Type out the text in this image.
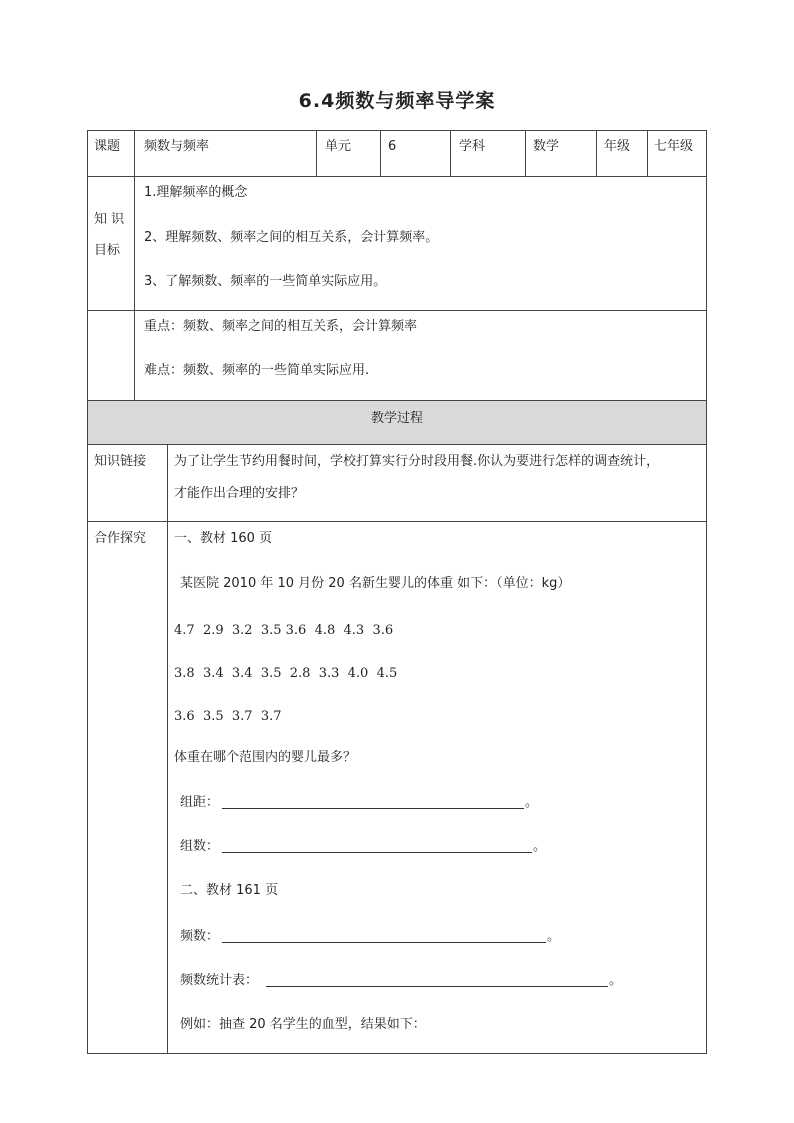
6.4频数与频率导学案
课题 频数与频率	单元	6	学科	数学	年级 七年级
知 识
目标
1.理解频率的概念
2、理解频数、频率之间的相互关系，会计算频率。
3、了解频数、频率的一些简单实际应用。
重点：频数、频率之间的相互关系，会计算频率
难点：频数、频率的一些简单实际应用.
教学过程
知识链接 为了让学生节约用餐时间，学校打算实行分时段用餐.你认为要进行怎样的调查统计，
才能作出合理的安排？
合作探究 一、教材 160 页
某医院 2010 年 10 月份 20 名新生婴儿的体重 如下：（单位：kg）
4.7  2.9  3.2  3.5 3.6  4.8  4.3  3.6
3.8  3.4  3.4  3.5  2.8  3.3  4.0  4.5
3.6  3.5  3.7  3.7
体重在哪个范围内的婴儿最多？
组距：	。
组数：	。
二、教材 161 页
频数：	。
频数统计表：	。
例如：抽查 20 名学生的血型，结果如下：
